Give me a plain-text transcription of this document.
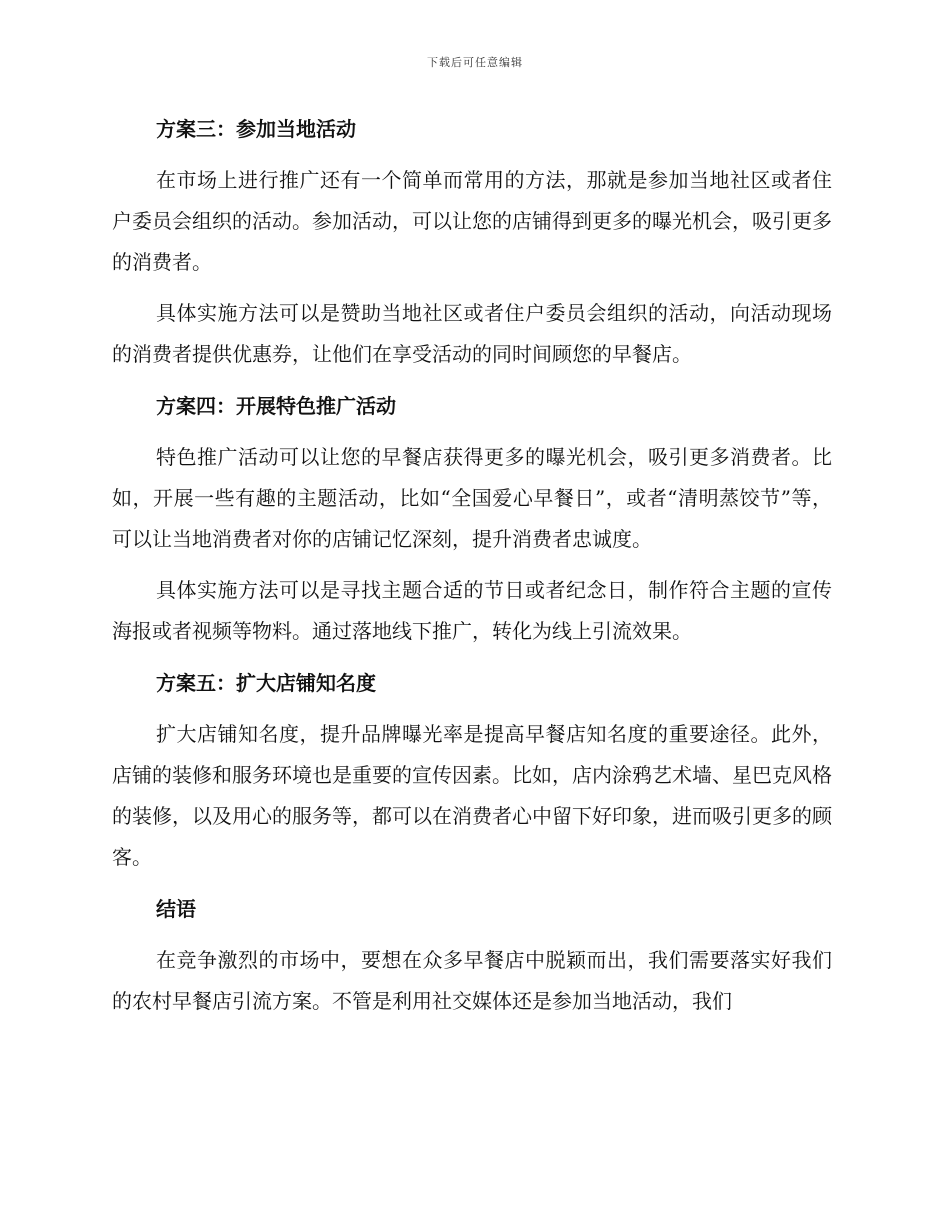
下载后可任意编辑
方案三：参加当地活动

在市场上进行推广还有一个简单而常用的方法，那就是参加当地社区或者住户委员会组织的活动。参加活动，可以让您的店铺得到更多的曝光机会，吸引更多的消费者。

具体实施方法可以是赞助当地社区或者住户委员会组织的活动，向活动现场的消费者提供优惠券，让他们在享受活动的同时间顾您的早餐店。

方案四：开展特色推广活动

特色推广活动可以让您的早餐店获得更多的曝光机会，吸引更多消费者。比如，开展一些有趣的主题活动，比如“全国爱心早餐日”，或者“清明蒸饺节”等，可以让当地消费者对你的店铺记忆深刻，提升消费者忠诚度。

具体实施方法可以是寻找主题合适的节日或者纪念日，制作符合主题的宣传海报或者视频等物料。通过落地线下推广，转化为线上引流效果。

方案五：扩大店铺知名度

扩大店铺知名度，提升品牌曝光率是提高早餐店知名度的重要途径。此外，店铺的装修和服务环境也是重要的宣传因素。比如，店内涂鸦艺术墙、星巴克风格的装修，以及用心的服务等，都可以在消费者心中留下好印象，进而吸引更多的顾客。

结语

在竞争激烈的市场中，要想在众多早餐店中脱颖而出，我们需要落实好我们的农村早餐店引流方案。不管是利用社交媒体还是参加当地活动，我们
